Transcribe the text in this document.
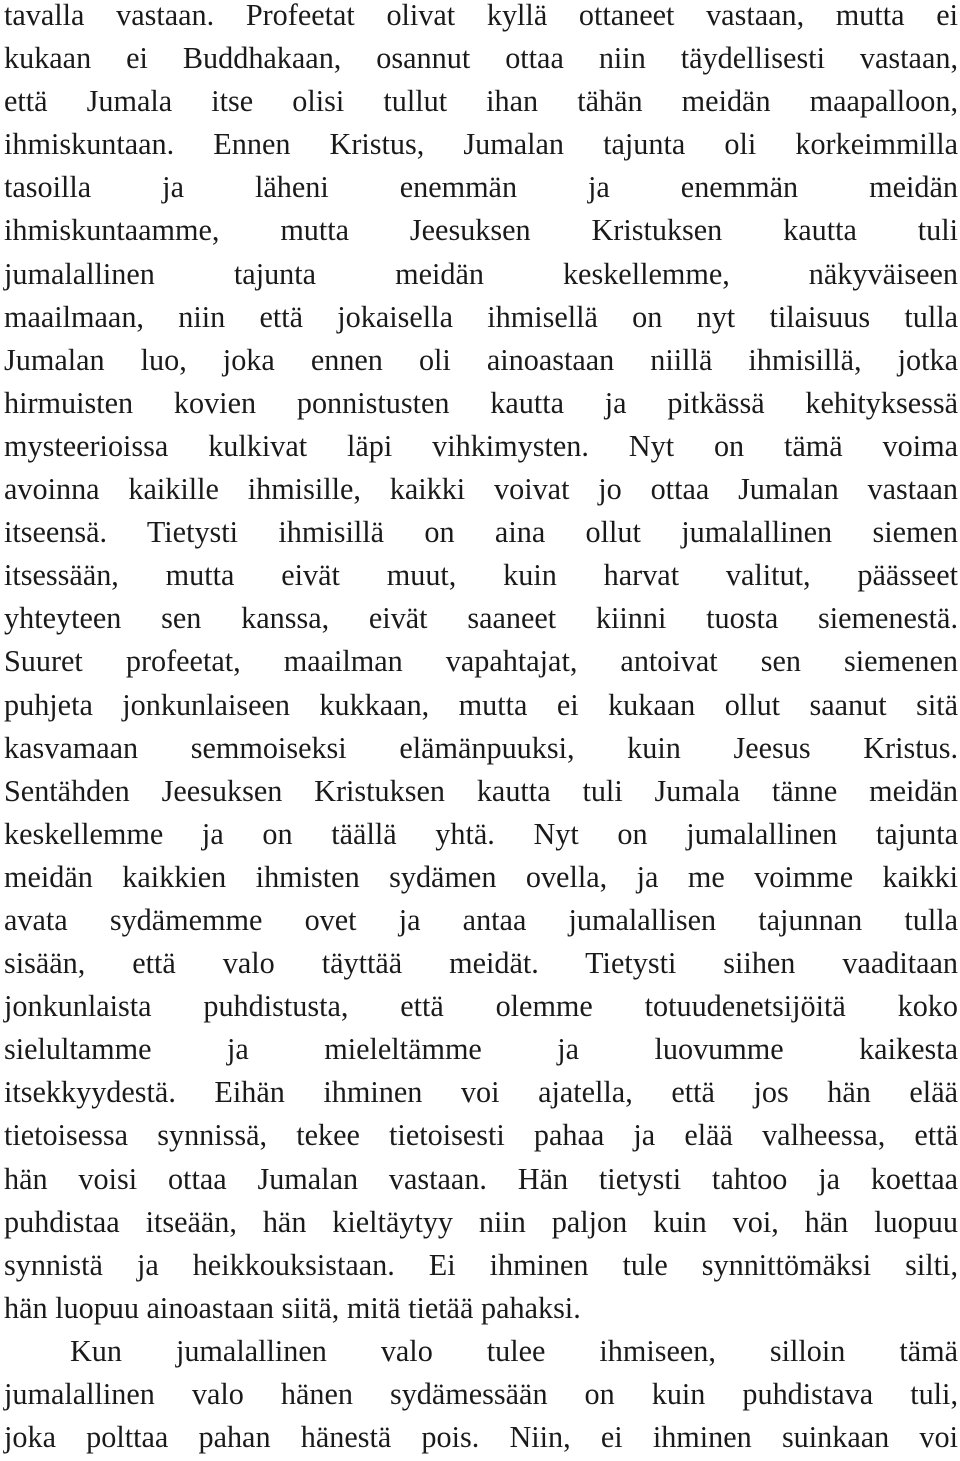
tavalla vastaan. Profeetat olivat kyllä ottaneet vastaan, mutta ei
kukaan ei Buddhakaan, osannut ottaa niin täydellisesti vastaan,
että Jumala itse olisi tullut ihan tähän meidän maapalloon,
ihmiskuntaan. Ennen Kristus, Jumalan tajunta oli korkeimmilla
tasoilla ja läheni enemmän ja enemmän meidän
ihmiskuntaamme, mutta Jeesuksen Kristuksen kautta tuli
jumalallinen tajunta meidän keskellemme, näkyväiseen
maailmaan, niin että jokaisella ihmisellä on nyt tilaisuus tulla
Jumalan luo, joka ennen oli ainoastaan niillä ihmisillä, jotka
hirmuisten kovien ponnistusten kautta ja pitkässä kehityksessä
mysteerioissa kulkivat läpi vihkimysten. Nyt on tämä voima
avoinna kaikille ihmisille, kaikki voivat jo ottaa Jumalan vastaan
itseensä. Tietysti ihmisillä on aina ollut jumalallinen siemen
itsessään, mutta eivät muut, kuin harvat valitut, päässeet
yhteyteen sen kanssa, eivät saaneet kiinni tuosta siemenestä.
Suuret profeetat, maailman vapahtajat, antoivat sen siemenen
puhjeta jonkunlaiseen kukkaan, mutta ei kukaan ollut saanut sitä
kasvamaan semmoiseksi elämänpuuksi, kuin Jeesus Kristus.
Sentähden Jeesuksen Kristuksen kautta tuli Jumala tänne meidän
keskellemme ja on täällä yhtä. Nyt on jumalallinen tajunta
meidän kaikkien ihmisten sydämen ovella, ja me voimme kaikki
avata sydämemme ovet ja antaa jumalallisen tajunnan tulla
sisään, että valo täyttää meidät. Tietysti siihen vaaditaan
jonkunlaista puhdistusta, että olemme totuudenetsijöitä koko
sielultamme ja mieleltämme ja luovumme kaikesta
itsekkyydestä. Eihän ihminen voi ajatella, että jos hän elää
tietoisessa synnissä, tekee tietoisesti pahaa ja elää valheessa, että
hän voisi ottaa Jumalan vastaan. Hän tietysti tahtoo ja koettaa
puhdistaa itseään, hän kieltäytyy niin paljon kuin voi, hän luopuu
synnistä ja heikkouksistaan. Ei ihminen tule synnittömäksi silti,
hän luopuu ainoastaan siitä, mitä tietää pahaksi.
Kun jumalallinen valo tulee ihmiseen, silloin tämä
jumalallinen valo hänen sydämessään on kuin puhdistava tuli,
joka polttaa pahan hänestä pois. Niin, ei ihminen suinkaan voi
